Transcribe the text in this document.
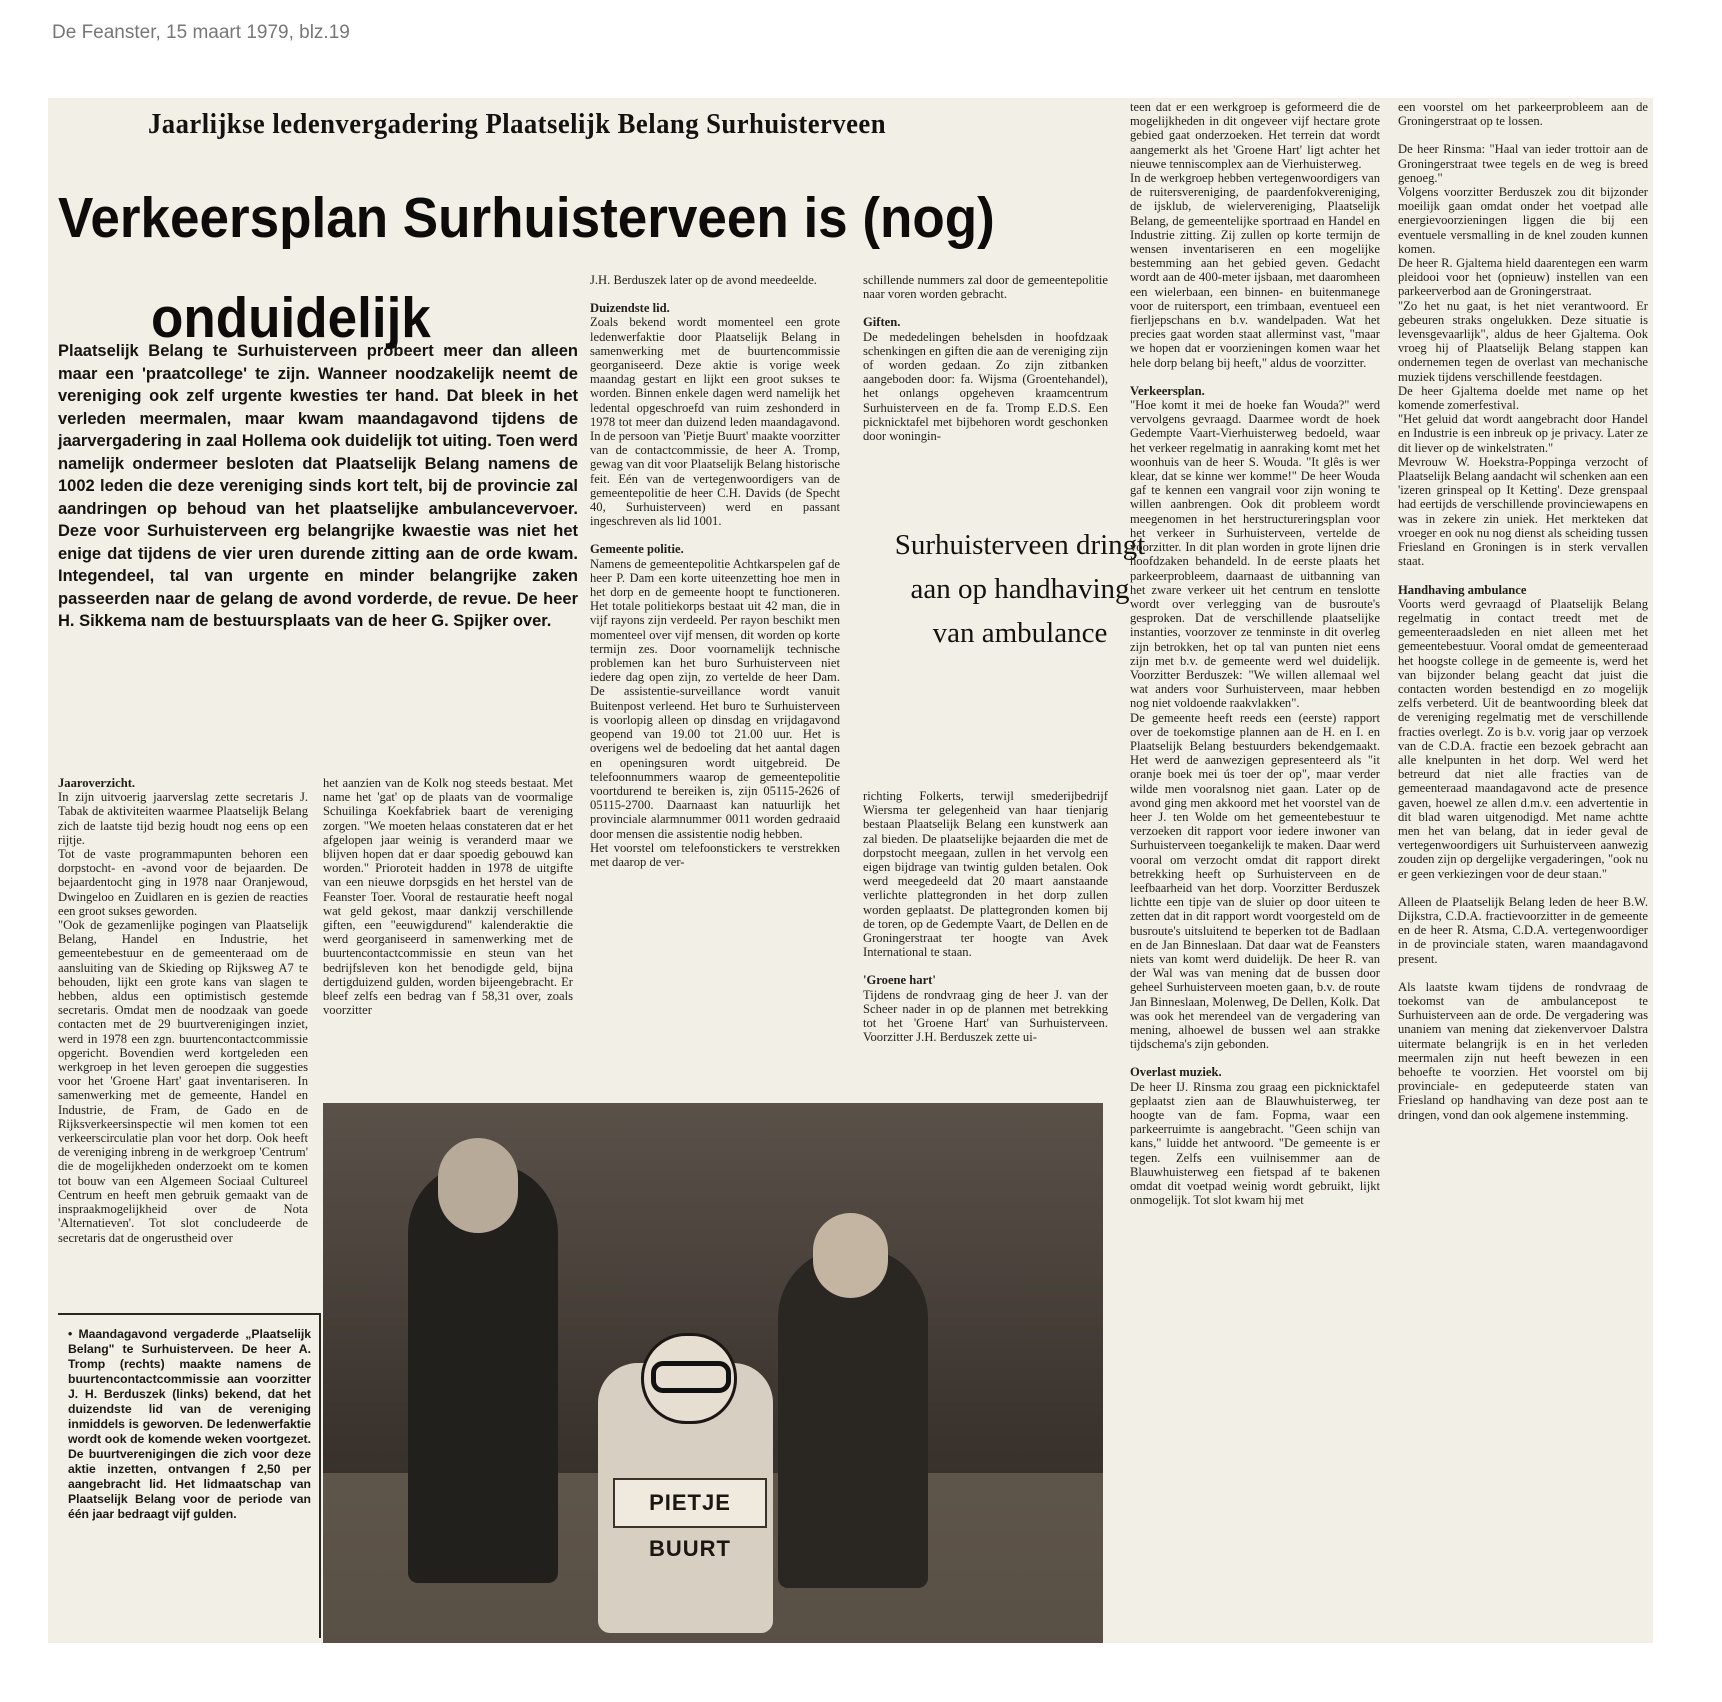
De Feanster, 15 maart 1979, blz.19
Jaarlijkse ledenvergadering Plaatselijk Belang Surhuisterveen
Verkeersplan Surhuisterveen is (nog)
onduidelijk
Plaatselijk Belang te Surhuisterveen probeert meer dan alleen maar een 'praatcollege' te zijn. Wanneer noodzakelijk neemt de vereniging ook zelf urgente kwesties ter hand. Dat bleek in het verleden meermalen, maar kwam maandagavond tijdens de jaarvergadering in zaal Hollema ook duidelijk tot uiting. Toen werd namelijk ondermeer besloten dat Plaatselijk Belang namens de 1002 leden die deze vereniging sinds kort telt, bij de provincie zal aandringen op behoud van het plaatselijke ambulancevervoer. Deze voor Surhuisterveen erg belangrijke kwaestie was niet het enige dat tijdens de vier uren durende zitting aan de orde kwam. Integendeel, tal van urgente en minder belangrijke zaken passeerden naar de gelang de avond vorderde, de revue. De heer H. Sikkema nam de bestuursplaats van de heer G. Spijker over.
Jaaroverzicht.

In zijn uitvoerig jaarverslag zette secretaris J. Tabak de aktiviteiten waarmee Plaatselijk Belang zich de laatste tijd bezig houdt nog eens op een rijtje.

Tot de vaste programmapunten behoren een dorpstocht- en -avond voor de bejaarden. De bejaardentocht ging in 1978 naar Oranjewoud, Dwingeloo en Zuidlaren en is gezien de reacties een groot sukses geworden.

"Ook de gezamenlijke pogingen van Plaatselijk Belang, Handel en Industrie, het gemeentebestuur en de gemeenteraad om de aansluiting van de Skieding op Rijksweg A7 te behouden, lijkt een grote kans van slagen te hebben, aldus een optimistisch gestemde secretaris. Omdat men de noodzaak van goede contacten met de 29 buurtverenigingen inziet, werd in 1978 een zgn. buurtencontactcommissie opgericht. Bovendien werd kortgeleden een werkgroep in het leven geroepen die suggesties voor het 'Groene Hart' gaat inventariseren. In samenwerking met de gemeente, Handel en Industrie, de Fram, de Gado en de Rijksverkeersinspectie wil men komen tot een verkeerscirculatie plan voor het dorp. Ook heeft de vereniging inbreng in de werkgroep 'Centrum' die de mogelijkheden onderzoekt om te komen tot bouw van een Algemeen Sociaal Cultureel Centrum en heeft men gebruik gemaakt van de inspraakmogelijkheid over de Nota 'Alternatieven'. Tot slot concludeerde de secretaris dat de ongerustheid over

het aanzien van de Kolk nog steeds bestaat. Met name het 'gat' op de plaats van de voormalige Schuilinga Koekfabriek baart de vereniging zorgen. "We moeten helaas constateren dat er het afgelopen jaar weinig is veranderd maar we blijven hopen dat er daar spoedig gebouwd kan worden." Prioroteit hadden in 1978 de uitgifte van een nieuwe dorpsgids en het herstel van de Feanster Toer. Vooral de restauratie heeft nogal wat geld gekost, maar dankzij verschillende giften, een "eeuwigdurend" kalenderaktie die werd georganiseerd in samenwerking met de buurtencontactcommissie en steun van het bedrijfsleven kon het benodigde geld, bijna dertigduizend gulden, worden bijeengebracht. Er bleef zelfs een bedrag van f 58,31 over, zoals voorzitter

J.H. Berduszek later op de avond meedeelde.

Duizendste lid.

Zoals bekend wordt momenteel een grote ledenwerfaktie door Plaatselijk Belang in samenwerking met de buurtencommissie georganiseerd. Deze aktie is vorige week maandag gestart en lijkt een groot sukses te worden. Binnen enkele dagen werd namelijk het ledental opgeschroefd van ruim zeshonderd in 1978 tot meer dan duizend leden maandagavond. In de persoon van 'Pietje Buurt' maakte voorzitter van de contactcommissie, de heer A. Tromp, gewag van dit voor Plaatselijk Belang historische feit. Eén van de vertegenwoordigers van de gemeentepolitie de heer C.H. Davids (de Specht 40, Surhuisterveen) werd en passant ingeschreven als lid 1001.

Gemeente politie.

Namens de gemeentepolitie Achtkarspelen gaf de heer P. Dam een korte uiteenzetting hoe men in het dorp en de gemeente hoopt te functioneren. Het totale politiekorps bestaat uit 42 man, die in vijf rayons zijn verdeeld. Per rayon beschikt men momenteel over vijf mensen, dit worden op korte termijn zes. Door voornamelijk technische problemen kan het buro Surhuisterveen niet iedere dag open zijn, zo vertelde de heer Dam. De assistentie-surveillance wordt vanuit Buitenpost verleend. Het buro te Surhuisterveen is voorlopig alleen op dinsdag en vrijdagavond geopend van 19.00 tot 21.00 uur. Het is overigens wel de bedoeling dat het aantal dagen en openingsuren wordt uitgebreid. De telefoonnummers waarop de gemeentepolitie voortdurend te bereiken is, zijn 05115-2626 of 05115-2700. Daarnaast kan natuurlijk het provinciale alarmnummer 0011 worden gedraaid door mensen die assistentie nodig hebben.

Het voorstel om telefoonstickers te verstrekken met daarop de ver-

schillende nummers zal door de gemeentepolitie naar voren worden gebracht.

Giften.

De mededelingen behelsden in hoofdzaak schenkingen en giften die aan de vereniging zijn of worden gedaan. Zo zijn zitbanken aangeboden door: fa. Wijsma (Groentehandel), het onlangs opgeheven kraamcentrum Surhuisterveen en de fa. Tromp E.D.S. Een picknicktafel met bijbehoren wordt geschonken door woningin-

Surhuisterveen dringt aan op handhaving van ambulance

richting Folkerts, terwijl smederijbedrijf Wiersma ter gelegenheid van haar tienjarig bestaan Plaatselijk Belang een kunstwerk aan zal bieden. De plaatselijke bejaarden die met de dorpstocht meegaan, zullen in het vervolg een eigen bijdrage van twintig gulden betalen. Ook werd meegedeeld dat 20 maart aanstaande verlichte plattegronden in het dorp zullen worden geplaatst. De plattegronden komen bij de toren, op de Gedempte Vaart, de Dellen en de Groningerstraat ter hoogte van Avek International te staan.

'Groene hart'

Tijdens de rondvraag ging de heer J. van der Scheer nader in op de plannen met betrekking tot het 'Groene Hart' van Surhuisterveen. Voorzitter J.H. Berduszek zette ui-

teen dat er een werkgroep is geformeerd die de mogelijkheden in dit ongeveer vijf hectare grote gebied gaat onderzoeken. Het terrein dat wordt aangemerkt als het 'Groene Hart' ligt achter het nieuwe tenniscomplex aan de Vierhuisterweg.

In de werkgroep hebben vertegenwoordigers van de ruitersvereniging, de paardenfokvereniging, de ijsklub, de wielervereniging, Plaatselijk Belang, de gemeentelijke sportraad en Handel en Industrie zitting. Zij zullen op korte termijn de wensen inventariseren en een mogelijke bestemming aan het gebied geven. Gedacht wordt aan de 400-meter ijsbaan, met daaromheen een wielerbaan, een binnen- en buitenmanege voor de ruitersport, een trimbaan, eventueel een fierljepschans en b.v. wandelpaden. Wat het precies gaat worden staat allerminst vast, "maar we hopen dat er voorzieningen komen waar het hele dorp belang bij heeft," aldus de voorzitter.

Verkeersplan.

"Hoe komt it mei de hoeke fan Wouda?" werd vervolgens gevraagd. Daarmee wordt de hoek Gedempte Vaart-Vierhuisterweg bedoeld, waar het verkeer regelmatig in aanraking komt met het woonhuis van de heer S. Wouda. "It glês is wer klear, dat se kinne wer komme!" De heer Wouda gaf te kennen een vangrail voor zijn woning te willen aanbrengen. Ook dit probleem wordt meegenomen in het herstructureringsplan voor het verkeer in Surhuisterveen, vertelde de voorzitter. In dit plan worden in grote lijnen drie hoofdzaken behandeld. In de eerste plaats het parkeerprobleem, daarnaast de uitbanning van het zware verkeer uit het centrum en tenslotte wordt over verlegging van de busroute's gesproken. Dat de verschillende plaatselijke instanties, voorzover ze tenminste in dit overleg zijn betrokken, het op tal van punten niet eens zijn met b.v. de gemeente werd wel duidelijk. Voorzitter Berduszek: "We willen allemaal wel wat anders voor Surhuisterveen, maar hebben nog niet voldoende raakvlakken".

De gemeente heeft reeds een (eerste) rapport over de toekomstige plannen aan de H. en I. en Plaatselijk Belang bestuurders bekendgemaakt. Het werd de aanwezigen gepresenteerd als "it oranje boek mei ús toer der op", maar verder wilde men vooralsnog niet gaan. Later op de avond ging men akkoord met het voorstel van de heer J. ten Wolde om het gemeentebestuur te verzoeken dit rapport voor iedere inwoner van Surhuisterveen toegankelijk te maken. Daar werd vooral om verzocht omdat dit rapport direkt betrekking heeft op Surhuisterveen en de leefbaarheid van het dorp. Voorzitter Berduszek lichtte een tipje van de sluier op door uiteen te zetten dat in dit rapport wordt voorgesteld om de busroute's uitsluitend te beperken tot de Badlaan en de Jan Binneslaan. Dat daar wat de Feansters niets van komt werd duidelijk. De heer R. van der Wal was van mening dat de bussen door geheel Surhuisterveen moeten gaan, b.v. de route Jan Binneslaan, Molenweg, De Dellen, Kolk. Dat was ook het merendeel van de vergadering van mening, alhoewel de bussen wel aan strakke tijdschema's zijn gebonden.

Overlast muziek.

De heer IJ. Rinsma zou graag een picknicktafel geplaatst zien aan de Blauwhuisterweg, ter hoogte van de fam. Fopma, waar een parkeerruimte is aangebracht. "Geen schijn van kans," luidde het antwoord. "De gemeente is er tegen. Zelfs een vuilnisemmer aan de Blauwhuisterweg een fietspad af te bakenen omdat dit voetpad weinig wordt gebruikt, lijkt onmogelijk. Tot slot kwam hij met

een voorstel om het parkeerprobleem aan de Groningerstraat op te lossen.

De heer Rinsma: "Haal van ieder trottoir aan de Groningerstraat twee tegels en de weg is breed genoeg."

Volgens voorzitter Berduszek zou dit bijzonder moeilijk gaan omdat onder het voetpad alle energievoorzieningen liggen die bij een eventuele versmalling in de knel zouden kunnen komen.

De heer R. Gjaltema hield daarentegen een warm pleidooi voor het (opnieuw) instellen van een parkeerverbod aan de Groningerstraat.

"Zo het nu gaat, is het niet verantwoord. Er gebeuren straks ongelukken. Deze situatie is levensgevaarlijk", aldus de heer Gjaltema. Ook vroeg hij of Plaatselijk Belang stappen kan ondernemen tegen de overlast van mechanische muziek tijdens verschillende feestdagen.

De heer Gjaltema doelde met name op het komende zomerfestival.

"Het geluid dat wordt aangebracht door Handel en Industrie is een inbreuk op je privacy. Later ze dit liever op de winkelstraten."

Mevrouw W. Hoekstra-Poppinga verzocht of Plaatselijk Belang aandacht wil schenken aan een 'izeren grinspeal op It Ketting'. Deze grenspaal had eertijds de verschillende provinciewapens en was in zekere zin uniek. Het merkteken dat vroeger en ook nu nog dienst als scheiding tussen Friesland en Groningen is in sterk vervallen staat.

Handhaving ambulance

Voorts werd gevraagd of Plaatselijk Belang regelmatig in contact treedt met de gemeenteraadsleden en niet alleen met het gemeentebestuur. Vooral omdat de gemeenteraad het hoogste college in de gemeente is, werd het van bijzonder belang geacht dat juist die contacten worden bestendigd en zo mogelijk zelfs verbeterd. Uit de beantwoording bleek dat de vereniging regelmatig met de verschillende fracties overlegt. Zo is b.v. vorig jaar op verzoek van de C.D.A. fractie een bezoek gebracht aan alle knelpunten in het dorp. Wel werd het betreurd dat niet alle fracties van de gemeenteraad maandagavond acte de presence gaven, hoewel ze allen d.m.v. een advertentie in dit blad waren uitgenodigd. Met name achtte men het van belang, dat in ieder geval de vertegenwoordigers uit Surhuisterveen aanwezig zouden zijn op dergelijke vergaderingen, "ook nu er geen verkiezingen voor de deur staan."

Alleen de Plaatselijk Belang leden de heer B.W. Dijkstra, C.D.A. fractievoorzitter in de gemeente en de heer R. Atsma, C.D.A. vertegenwoordiger in de provinciale staten, waren maandagavond present.

Als laatste kwam tijdens de rondvraag de toekomst van de ambulancepost te Surhuisterveen aan de orde. De vergadering was unaniem van mening dat ziekenvervoer Dalstra uitermate belangrijk is en in het verleden meermalen zijn nut heeft bewezen in een behoefte te voorzien. Het voorstel om bij provinciale- en gedeputeerde staten van Friesland op handhaving van deze post aan te dringen, vond dan ook algemene instemming.

PIETJE BUURT
• Maandagavond vergaderde „Plaatselijk Belang" te Surhuisterveen. De heer A. Tromp (rechts) maakte namens de buurtencontactcommissie aan voorzitter J. H. Berduszek (links) bekend, dat het duizendste lid van de vereniging inmiddels is geworven. De ledenwerfaktie wordt ook de komende weken voortgezet. De buurtverenigingen die zich voor deze aktie inzetten, ontvangen f 2,50 per aangebracht lid. Het lidmaatschap van Plaatselijk Belang voor de periode van één jaar bedraagt vijf gulden.
